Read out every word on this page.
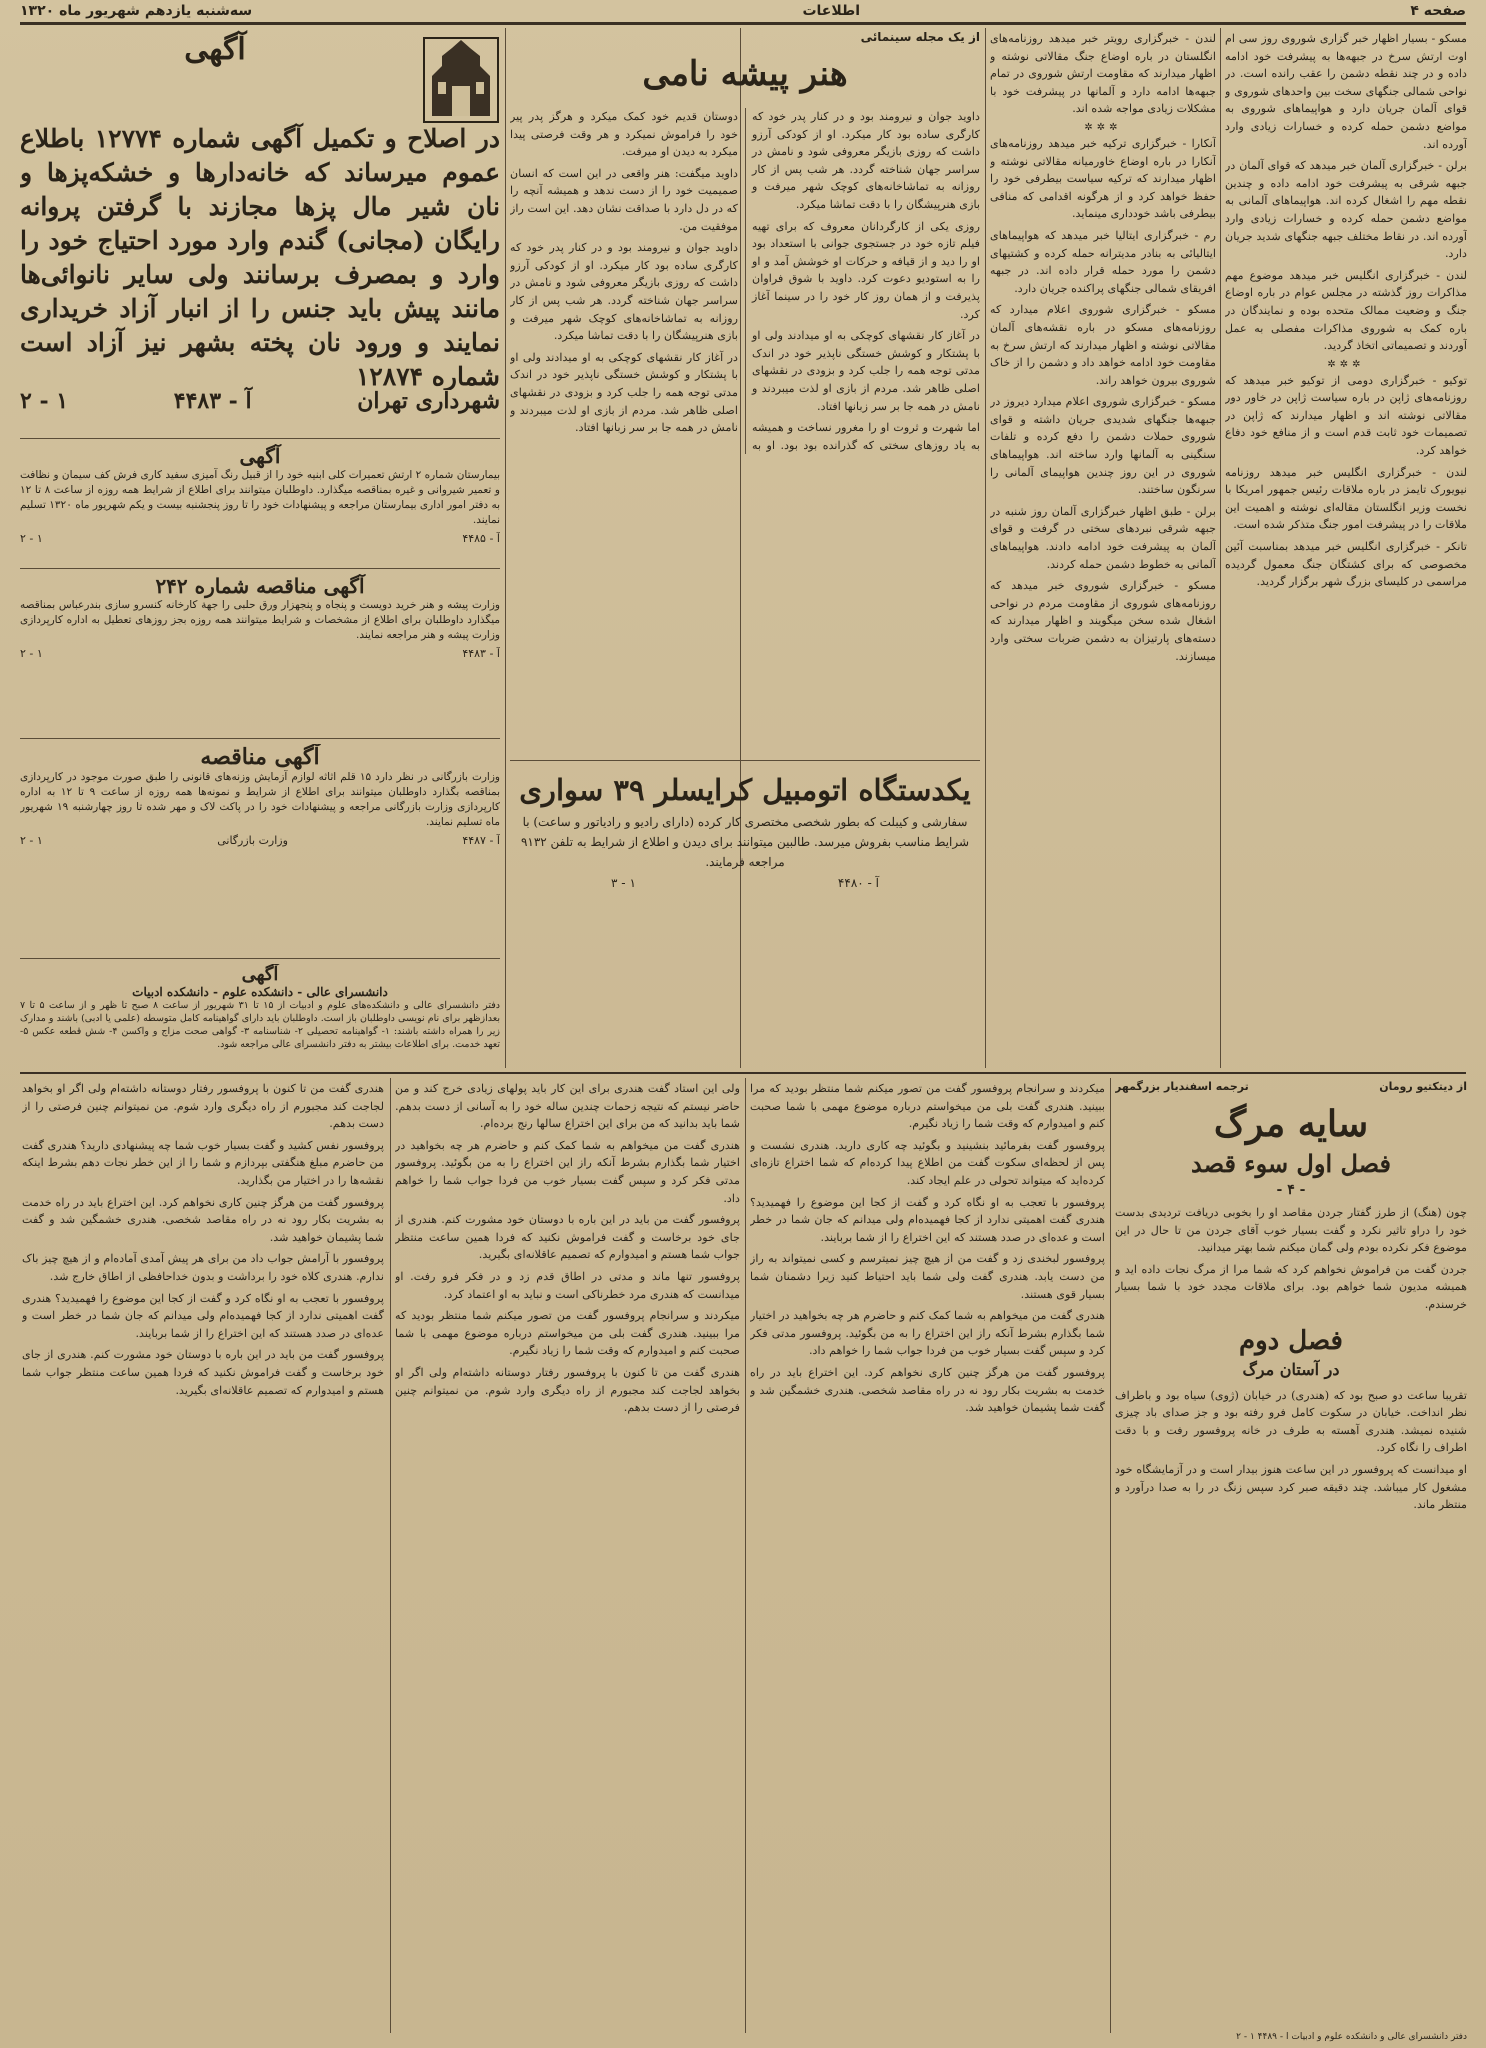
صفحه ۴
اطلاعات
سه‌شنبه یازدهم شهریور ماه ۱۳۲۰

مسکو - بسیار اظهار خبر گزاری شوروی روز سی ام اوت ارتش سرخ در جبهه‌ها به پیشرفت خود ادامه داده و در چند نقطه دشمن را عقب رانده است. در نواحی شمالی جنگهای سخت بین واحدهای شوروی و قوای آلمان جریان دارد و هواپیماهای شوروی به مواضع دشمن حمله کرده و خسارات زیادی وارد آورده اند.

برلن - خبرگزاری آلمان خبر میدهد که قوای آلمان در جبهه شرقی به پیشرفت خود ادامه داده و چندین نقطه مهم را اشغال کرده اند. هواپیماهای آلمانی به مواضع دشمن حمله کرده و خسارات زیادی وارد آورده اند. در نقاط مختلف جبهه جنگهای شدید جریان دارد.

لندن - خبرگزاری انگلیس خبر میدهد موضوع مهم مذاکرات روز گذشته در مجلس عوام در باره اوضاع جنگ و وضعیت ممالک متحده بوده و نمایندگان در باره کمک به شوروی مذاکرات مفصلی به عمل آوردند و تصمیماتی اتخاذ گردید.

✲✲✲

توکیو - خبرگزاری دومی از توکیو خبر میدهد که روزنامه‌های ژاپن در باره سیاست ژاپن در خاور دور مقالاتی نوشته اند و اظهار میدارند که ژاپن در تصمیمات خود ثابت قدم است و از منافع خود دفاع خواهد کرد.

لندن - خبرگزاری انگلیس خبر میدهد روزنامه نیویورک تایمز در باره ملاقات رئیس جمهور امریکا با نخست وزیر انگلستان مقاله‌ای نوشته و اهمیت این ملاقات را در پیشرفت امور جنگ متذکر شده است.

تانکر - خبرگزاری انگلیس خبر میدهد بمناسبت آئین مخصوصی که برای کشتگان جنگ معمول گردیده مراسمی در کلیسای بزرگ شهر برگزار گردید.

لندن - خبرگزاری رویتر خبر میدهد روزنامه‌های انگلستان در باره اوضاع جنگ مقالاتی نوشته و اظهار میدارند که مقاومت ارتش شوروی در تمام جبهه‌ها ادامه دارد و آلمانها در پیشرفت خود با مشکلات زیادی مواجه شده اند.

✲✲✲

آنکارا - خبرگزاری ترکیه خبر میدهد روزنامه‌های آنکارا در باره اوضاع خاورمیانه مقالاتی نوشته و اظهار میدارند که ترکیه سیاست بیطرفی خود را حفظ خواهد کرد و از هرگونه اقدامی که منافی بیطرفی باشد خودداری مینماید.

رم - خبرگزاری ایتالیا خبر میدهد که هواپیماهای ایتالیائی به بنادر مدیترانه حمله کرده و کشتیهای دشمن را مورد حمله قرار داده اند. در جبهه افریقای شمالی جنگهای پراکنده جریان دارد.

مسکو - خبرگزاری شوروی اعلام میدارد که روزنامه‌های مسکو در باره نقشه‌های آلمان مقالاتی نوشته و اظهار میدارند که ارتش سرخ به مقاومت خود ادامه خواهد داد و دشمن را از خاک شوروی بیرون خواهد راند.

مسکو - خبرگزاری شوروی اعلام میدارد دیروز در جبهه‌ها جنگهای شدیدی جریان داشته و قوای شوروی حملات دشمن را دفع کرده و تلفات سنگینی به آلمانها وارد ساخته اند. هواپیماهای شوروی در این روز چندین هواپیمای آلمانی را سرنگون ساختند.

برلن - طبق اظهار خبرگزاری آلمان روز شنبه در جبهه شرقی نبردهای سختی در گرفت و قوای آلمان به پیشرفت خود ادامه دادند. هواپیماهای آلمانی به خطوط دشمن حمله کردند.

مسکو - خبرگزاری شوروی خبر میدهد که روزنامه‌های شوروی از مقاومت مردم در نواحی اشغال شده سخن میگویند و اظهار میدارند که دسته‌های پارتیزان به دشمن ضربات سختی وارد میسازند.

از یک مجله سینمائی
هنر پیشه نامی

داوید جوان و نیرومند بود و در کنار پدر خود که کارگری ساده بود کار میکرد. او از کودکی آرزو داشت که روزی بازیگر معروفی شود و نامش در سراسر جهان شناخته گردد. هر شب پس از کار روزانه به تماشاخانه‌های کوچک شهر میرفت و بازی هنرپیشگان را با دقت تماشا میکرد.

روزی یکی از کارگردانان معروف که برای تهیه فیلم تازه خود در جستجوی جوانی با استعداد بود او را دید و از قیافه و حرکات او خوشش آمد و او را به استودیو دعوت کرد. داوید با شوق فراوان پذیرفت و از همان روز کار خود را در سینما آغاز کرد.

در آغاز کار نقشهای کوچکی به او میدادند ولی او با پشتکار و کوشش خستگی ناپذیر خود در اندک مدتی توجه همه را جلب کرد و بزودی در نقشهای اصلی ظاهر شد. مردم از بازی او لذت میبردند و نامش در همه جا بر سر زبانها افتاد.

اما شهرت و ثروت او را مغرور نساخت و همیشه به یاد روزهای سختی که گذرانده بود بود. او به دوستان قدیم خود کمک میکرد و هرگز پدر پیر خود را فراموش نمیکرد و هر وقت فرصتی پیدا میکرد به دیدن او میرفت.

داوید میگفت: هنر واقعی در این است که انسان صمیمیت خود را از دست ندهد و همیشه آنچه را که در دل دارد با صداقت نشان دهد. این است راز موفقیت من.

داوید جوان و نیرومند بود و در کنار پدر خود که کارگری ساده بود کار میکرد. او از کودکی آرزو داشت که روزی بازیگر معروفی شود و نامش در سراسر جهان شناخته گردد. هر شب پس از کار روزانه به تماشاخانه‌های کوچک شهر میرفت و بازی هنرپیشگان را با دقت تماشا میکرد.

در آغاز کار نقشهای کوچکی به او میدادند ولی او با پشتکار و کوشش خستگی ناپذیر خود در اندک مدتی توجه همه را جلب کرد و بزودی در نقشهای اصلی ظاهر شد. مردم از بازی او لذت میبردند و نامش در همه جا بر سر زبانها افتاد.

یکدستگاه اتومبیل کرایسلر ۳۹ سواری

سفارشی و کیبلت که بطور شخصی مختصری کار کرده (دارای رادیو و رادیاتور و ساعت) با شرایط مناسب بفروش میرسد. طالبین میتوانند برای دیدن و اطلاع از شرایط به تلفن ۹۱۳۲ مراجعه فرمایند.

آ - ۴۴۸۰
۱ - ۳
آگهی
در اصلاح و تکمیل آگهی شماره ۱۲۷۷۴ باطلاع عموم میرساند که خانه‌دارها و خشکه‌پزها و نان شیر مال پزها مجازند با گرفتن پروانه رایگان (مجانی) گندم وارد مورد احتیاج خود را وارد و بمصرف برسانند ولی سایر نانوائی‌ها مانند پیش باید جنس را از انبار آزاد خریداری نمایند و ورود نان پخته بشهر نیز آزاد است شماره ۱۲۸۷۴
شهرداری تهران
آ - ۴۴۸۳
۱ - ۲
آگهی

بیمارستان شماره ۲ ارتش تعمیرات کلی ابنیه خود را از قبیل رنگ آمیزی سفید کاری فرش کف سیمان و نظافت و تعمیر شیروانی و غیره بمناقصه میگذارد. داوطلبان میتوانند برای اطلاع از شرایط همه روزه از ساعت ۸ تا ۱۲ به دفتر امور اداری بیمارستان مراجعه و پیشنهادات خود را تا روز پنجشنبه بیست و یکم شهریور ماه ۱۳۲۰ تسلیم نمایند.

آ - ۴۴۸۵
۱ - ۲
آگهی مناقصه شماره ۲۴۲

وزارت پیشه و هنر خرید دویست و پنجاه و پنجهزار ورق حلبی را جهة کارخانه کنسرو سازی بندرعباس بمناقصه میگذارد داوطلبان برای اطلاع از مشخصات و شرایط میتوانند همه روزه بجز روزهای تعطیل به اداره کارپردازی وزارت پیشه و هنر مراجعه نمایند.

آ - ۴۴۸۳
۱ - ۲
آگهی مناقصه

وزارت بازرگانی در نظر دارد ۱۵ قلم اثاثه لوازم آزمایش وزنه‌های قانونی را طبق صورت موجود در کارپردازی بمناقصه بگذارد داوطلبان میتوانند برای اطلاع از شرایط و نمونه‌ها همه روزه از ساعت ۹ تا ۱۲ به اداره کارپردازی وزارت بازرگانی مراجعه و پیشنهادات خود را در پاکت لاک و مهر شده تا روز چهارشنبه ۱۹ شهریور ماه تسلیم نمایند.

آ - ۴۴۸۷
وزارت بازرگانی
۱ - ۲
آگهی
دانشسرای عالی - دانشکده علوم - دانشکده ادبیات

دفتر دانشسرای عالی و دانشکده‌های علوم و ادبیات از ۱۵ تا ۳۱ شهریور از ساعت ۸ صبح تا ظهر و از ساعت ۵ تا ۷ بعدازظهر برای نام نویسی داوطلبان باز است. داوطلبان باید دارای گواهینامه کامل متوسطه (علمی یا ادبی) باشند و مدارک زیر را همراه داشته باشند: ۱- گواهینامه تحصیلی ۲- شناسنامه ۳- گواهی صحت مزاج و واکسن ۴- شش قطعه عکس ۵- تعهد خدمت. برای اطلاعات بیشتر به دفتر دانشسرای عالی مراجعه شود.

از دیتکتیو رومان
ترجمه اسفندیار بزرگمهر
سایه مرگ
فصل اول سوء قصد
- ۴ -

چون (هنگ) از طرز گفتار جردن مقاصد او را بخوبی دریافت تردیدی بدست خود را دراو تاثیر نکرد و گفت بسیار خوب آقای جردن من تا حال در این موضوع فکر نکرده بودم ولی گمان میکنم شما بهتر میدانید.

جردن گفت من فراموش نخواهم کرد که شما مرا از مرگ نجات داده اید و همیشه مدیون شما خواهم بود. برای ملاقات مجدد خود با شما بسیار خرسندم.

فصل دوم
در آستان مرگ

تقریبا ساعت دو صبح بود که (هندری) در خیابان (ژوی) سیاه بود و باطراف نظر انداخت. خیابان در سکوت کامل فرو رفته بود و جز صدای باد چیزی شنیده نمیشد. هندری آهسته به طرف در خانه پروفسور رفت و با دقت اطراف را نگاه کرد.

او میدانست که پروفسور در این ساعت هنوز بیدار است و در آزمایشگاه خود مشغول کار میباشد. چند دقیقه صبر کرد سپس زنگ در را به صدا درآورد و منتظر ماند.

میکردند و سرانجام پروفسور گفت من تصور میکنم شما منتظر بودید که مرا ببینید. هندری گفت بلی من میخواستم درباره موضوع مهمی با شما صحبت کنم و امیدوارم که وقت شما را زیاد نگیرم.

پروفسور گفت بفرمائید بنشینید و بگوئید چه کاری دارید. هندری نشست و پس از لحظه‌ای سکوت گفت من اطلاع پیدا کرده‌ام که شما اختراع تازه‌ای کرده‌اید که میتواند تحولی در علم ایجاد کند.

پروفسور با تعجب به او نگاه کرد و گفت از کجا این موضوع را فهمیدید؟ هندری گفت اهمیتی ندارد از کجا فهمیده‌ام ولی میدانم که جان شما در خطر است و عده‌ای در صدد هستند که این اختراع را از شما بربایند.

پروفسور لبخندی زد و گفت من از هیچ چیز نمیترسم و کسی نمیتواند به راز من دست یابد. هندری گفت ولی شما باید احتیاط کنید زیرا دشمنان شما بسیار قوی هستند.

هندری گفت من میخواهم به شما کمک کنم و حاضرم هر چه بخواهید در اختیار شما بگذارم بشرط آنکه راز این اختراع را به من بگوئید. پروفسور مدتی فکر کرد و سپس گفت بسیار خوب من فردا جواب شما را خواهم داد.

پروفسور گفت من هرگز چنین کاری نخواهم کرد. این اختراع باید در راه خدمت به بشریت بکار رود نه در راه مقاصد شخصی. هندری خشمگین شد و گفت شما پشیمان خواهید شد.

ولی این استاد گفت هندری برای این کار باید پولهای زیادی خرج کند و من حاضر نیستم که نتیجه زحمات چندین ساله خود را به آسانی از دست بدهم. شما باید بدانید که من برای این اختراع سالها رنج برده‌ام.

هندری گفت من میخواهم به شما کمک کنم و حاضرم هر چه بخواهید در اختیار شما بگذارم بشرط آنکه راز این اختراع را به من بگوئید. پروفسور مدتی فکر کرد و سپس گفت بسیار خوب من فردا جواب شما را خواهم داد.

پروفسور گفت من باید در این باره با دوستان خود مشورت کنم. هندری از جای خود برخاست و گفت فراموش نکنید که فردا همین ساعت منتظر جواب شما هستم و امیدوارم که تصمیم عاقلانه‌ای بگیرید.

پروفسور تنها ماند و مدتی در اطاق قدم زد و در فکر فرو رفت. او میدانست که هندری مرد خطرناکی است و نباید به او اعتماد کرد.

میکردند و سرانجام پروفسور گفت من تصور میکنم شما منتظر بودید که مرا ببینید. هندری گفت بلی من میخواستم درباره موضوع مهمی با شما صحبت کنم و امیدوارم که وقت شما را زیاد نگیرم.

هندری گفت من تا کنون با پروفسور رفتار دوستانه داشته‌ام ولی اگر او بخواهد لجاجت کند مجبورم از راه دیگری وارد شوم. من نمیتوانم چنین فرصتی را از دست بدهم.

هندری گفت من تا کنون با پروفسور رفتار دوستانه داشته‌ام ولی اگر او بخواهد لجاجت کند مجبورم از راه دیگری وارد شوم. من نمیتوانم چنین فرصتی را از دست بدهم.

پروفسور نفس کشید و گفت بسیار خوب شما چه پیشنهادی دارید؟ هندری گفت من حاضرم مبلغ هنگفتی بپردازم و شما را از این خطر نجات دهم بشرط اینکه نقشه‌ها را در اختیار من بگذارید.

پروفسور گفت من هرگز چنین کاری نخواهم کرد. این اختراع باید در راه خدمت به بشریت بکار رود نه در راه مقاصد شخصی. هندری خشمگین شد و گفت شما پشیمان خواهید شد.

پروفسور با آرامش جواب داد من برای هر پیش آمدی آماده‌ام و از هیچ چیز باک ندارم. هندری کلاه خود را برداشت و بدون خداحافظی از اطاق خارج شد.

پروفسور با تعجب به او نگاه کرد و گفت از کجا این موضوع را فهمیدید؟ هندری گفت اهمیتی ندارد از کجا فهمیده‌ام ولی میدانم که جان شما در خطر است و عده‌ای در صدد هستند که این اختراع را از شما بربایند.

پروفسور گفت من باید در این باره با دوستان خود مشورت کنم. هندری از جای خود برخاست و گفت فراموش نکنید که فردا همین ساعت منتظر جواب شما هستم و امیدوارم که تصمیم عاقلانه‌ای بگیرید.

دفتر دانشسرای عالی و دانشکده علوم و ادبیات آ - ۴۴۸۹ ۱ - ۲
